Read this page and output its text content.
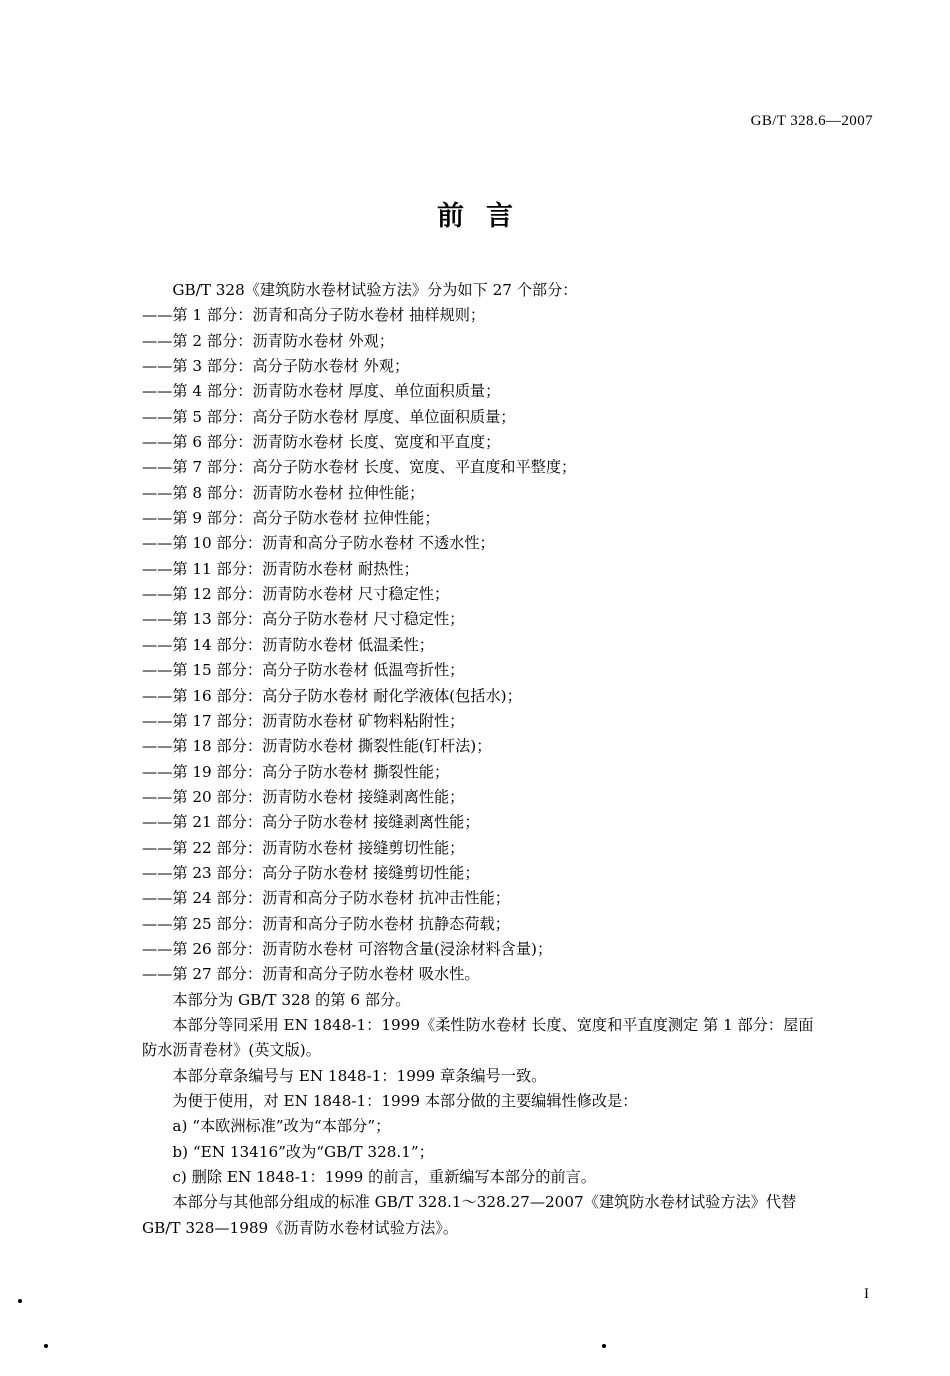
GB/T 328.6—2007
前言

GB/T 328《建筑防水卷材试验方法》分为如下 27 个部分：

——第 1 部分：沥青和高分子防水卷材 抽样规则；

——第 2 部分：沥青防水卷材 外观；

——第 3 部分：高分子防水卷材 外观；

——第 4 部分：沥青防水卷材 厚度、单位面积质量；

——第 5 部分：高分子防水卷材 厚度、单位面积质量；

——第 6 部分：沥青防水卷材 长度、宽度和平直度；

——第 7 部分：高分子防水卷材 长度、宽度、平直度和平整度；

——第 8 部分：沥青防水卷材 拉伸性能；

——第 9 部分：高分子防水卷材 拉伸性能；

——第 10 部分：沥青和高分子防水卷材 不透水性；

——第 11 部分：沥青防水卷材 耐热性；

——第 12 部分：沥青防水卷材 尺寸稳定性；

——第 13 部分：高分子防水卷材 尺寸稳定性；

——第 14 部分：沥青防水卷材 低温柔性；

——第 15 部分：高分子防水卷材 低温弯折性；

——第 16 部分：高分子防水卷材 耐化学液体(包括水)；

——第 17 部分：沥青防水卷材 矿物料粘附性；

——第 18 部分：沥青防水卷材 撕裂性能(钉杆法)；

——第 19 部分：高分子防水卷材 撕裂性能；

——第 20 部分：沥青防水卷材 接缝剥离性能；

——第 21 部分：高分子防水卷材 接缝剥离性能；

——第 22 部分：沥青防水卷材 接缝剪切性能；

——第 23 部分：高分子防水卷材 接缝剪切性能；

——第 24 部分：沥青和高分子防水卷材 抗冲击性能；

——第 25 部分：沥青和高分子防水卷材 抗静态荷载；

——第 26 部分：沥青防水卷材 可溶物含量(浸涂材料含量)；

——第 27 部分：沥青和高分子防水卷材 吸水性。

本部分为 GB/T 328 的第 6 部分。

本部分等同采用 EN 1848-1：1999《柔性防水卷材 长度、宽度和平直度测定 第 1 部分：屋面防水沥青卷材》(英文版)。

本部分章条编号与 EN 1848-1：1999 章条编号一致。

为便于使用，对 EN 1848-1：1999 本部分做的主要编辑性修改是：

a) “本欧洲标准”改为“本部分”；

b) “EN 13416”改为“GB/T 328.1”；

c) 删除 EN 1848-1：1999 的前言，重新编写本部分的前言。

本部分与其他部分组成的标准 GB/T 328.1～328.27—2007《建筑防水卷材试验方法》代替 GB/T 328—1989《沥青防水卷材试验方法》。

I
